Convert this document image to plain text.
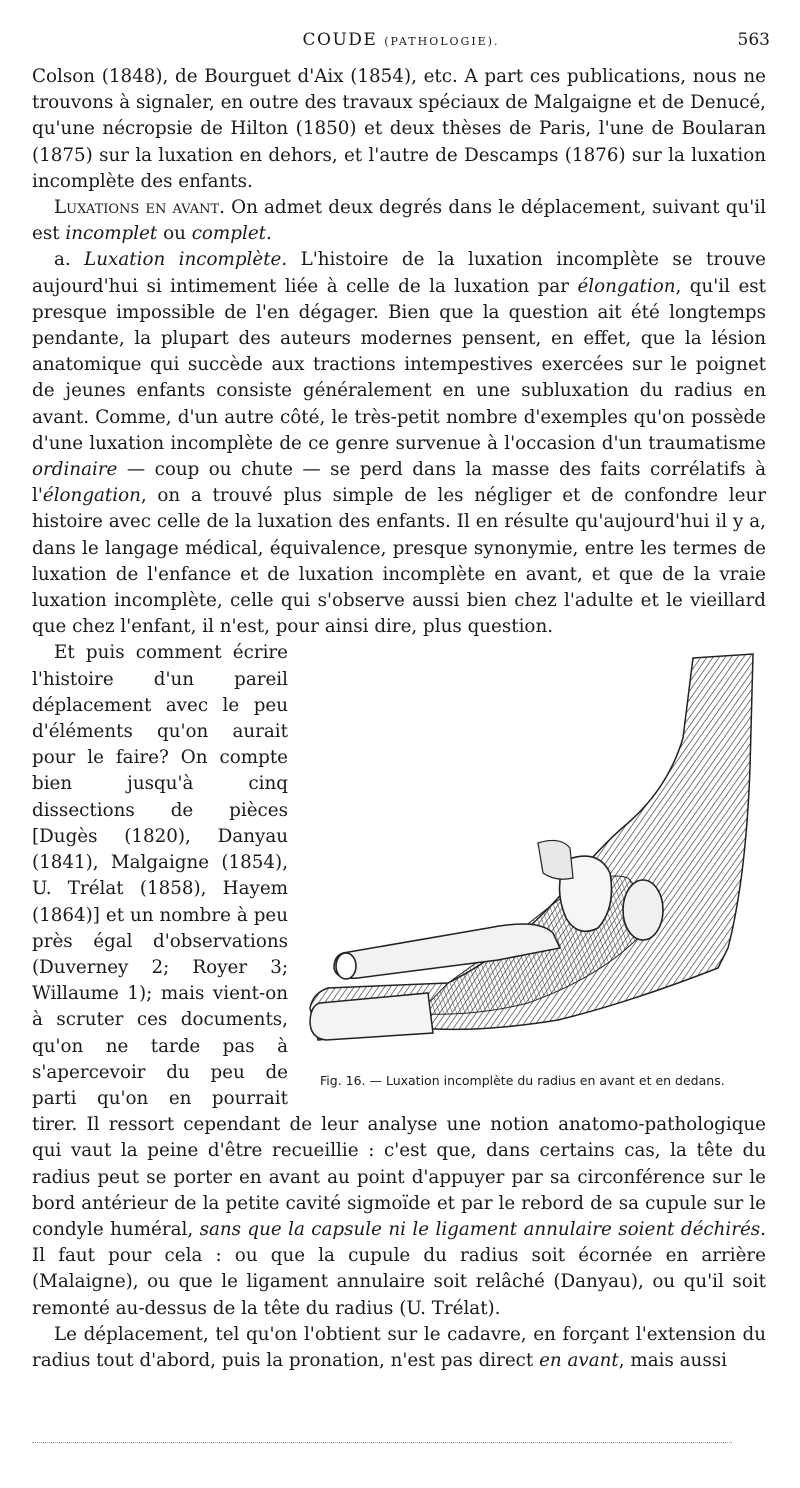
COUDE (PATHOLOGIE).	563

Colson (1848), de Bourguet d'Aix (1854), etc. A part ces publications, nous ne trouvons à signaler, en outre des travaux spéciaux de Malgaigne et de Denucé, qu'une nécropsie de Hilton (1850) et deux thèses de Paris, l'une de Boularan (1875) sur la luxation en dehors, et l'autre de Descamps (1876) sur la luxation incomplète des enfants.

Luxations en avant. On admet deux degrés dans le déplacement, suivant qu'il est incomplet ou complet.

a. Luxation incomplète. L'histoire de la luxation incomplète se trouve aujourd'hui si intimement liée à celle de la luxation par élongation, qu'il est presque impossible de l'en dégager. Bien que la question ait été longtemps pendante, la plupart des auteurs modernes pensent, en effet, que la lésion anatomique qui succède aux tractions intempestives exercées sur le poignet de jeunes enfants consiste généralement en une subluxation du radius en avant. Comme, d'un autre côté, le très-petit nombre d'exemples qu'on possède d'une luxation incomplète de ce genre survenue à l'occasion d'un traumatisme ordinaire — coup ou chute — se perd dans la masse des faits corrélatifs à l'élongation, on a trouvé plus simple de les négliger et de confondre leur histoire avec celle de la luxation des enfants. Il en résulte qu'aujourd'hui il y a, dans le langage médical, équivalence, presque synonymie, entre les termes de luxation de l'enfance et de luxation incomplète en avant, et que de la vraie luxation incomplète, celle qui s'observe aussi bien chez l'adulte et le vieillard que chez l'enfant, il n'est, pour ainsi dire, plus question.

Fig. 16. — Luxation incomplète du radius en avant et en dedans.
Et puis comment écrire l'histoire d'un pareil déplacement avec le peu d'éléments qu'on aurait pour le faire? On compte bien jusqu'à cinq dissections de pièces [Dugès (1820), Danyau (1841), Malgaigne (1854), U. Trélat (1858), Hayem (1864)] et un nombre à peu près égal d'observations (Duverney 2; Royer 3; Willaume 1); mais vient-on à scruter ces documents, qu'on ne tarde pas à s'apercevoir du peu de parti qu'on en pourrait tirer. Il ressort cependant de leur analyse une notion anatomo-pathologique qui vaut la peine d'être recueillie : c'est que, dans certains cas, la tête du radius peut se porter en avant au point d'appuyer par sa circonférence sur le bord antérieur de la petite cavité sigmoïde et par le rebord de sa cupule sur le condyle huméral, sans que la capsule ni le ligament annulaire soient déchirés. Il faut pour cela : ou que la cupule du radius soit écornée en arrière (Malaigne), ou que le ligament annulaire soit relâché (Danyau), ou qu'il soit remonté au-dessus de la tête du radius (U. Trélat).

Le déplacement, tel qu'on l'obtient sur le cadavre, en forçant l'extension du radius tout d'abord, puis la pronation, n'est pas direct en avant, mais aussi
